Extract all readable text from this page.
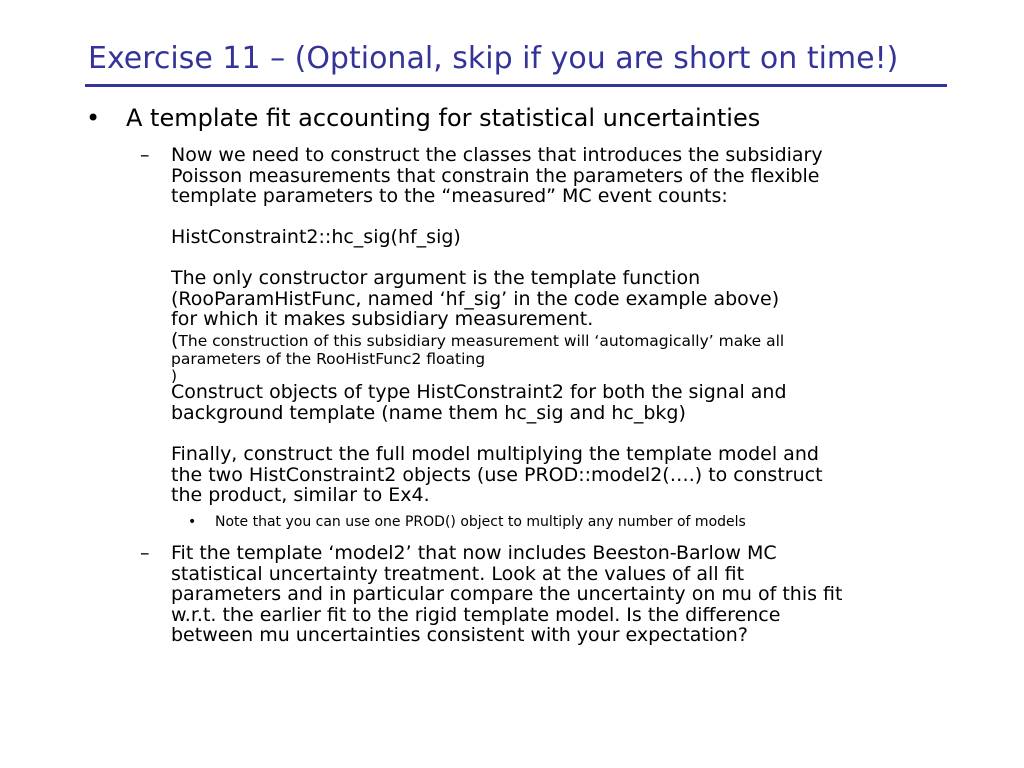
Exercise 11 – (Optional, skip if you are short on time!)
• A template fit accounting for statistical uncertainties
– Now we need to construct the classes that introduces the subsidiary
Poisson measurements that constrain the parameters of the flexible
template parameters to the “measured” MC event counts:
HistConstraint2::hc_sig(hf_sig)
The only constructor argument is the template function
(RooParamHistFunc, named ‘hf_sig’ in the code example above)
for which it makes subsidiary measurement.
(The construction of this subsidiary measurement will ‘automagically’ make all
parameters of the RooHistFunc2 floating
)
Construct objects of type HistConstraint2 for both the signal and
background template (name them hc_sig and hc_bkg)
Finally, construct the full model multiplying the template model and
the two HistConstraint2 objects (use PROD::model2(….) to construct
the product, similar to Ex4.
• Note that you can use one PROD() object to multiply any number of models
– Fit the template ‘model2’ that now includes Beeston-Barlow MC
statistical uncertainty treatment. Look at the values of all fit
parameters and in particular compare the uncertainty on mu of this fit
w.r.t. the earlier fit to the rigid template model. Is the difference
between mu uncertainties consistent with your expectation?
